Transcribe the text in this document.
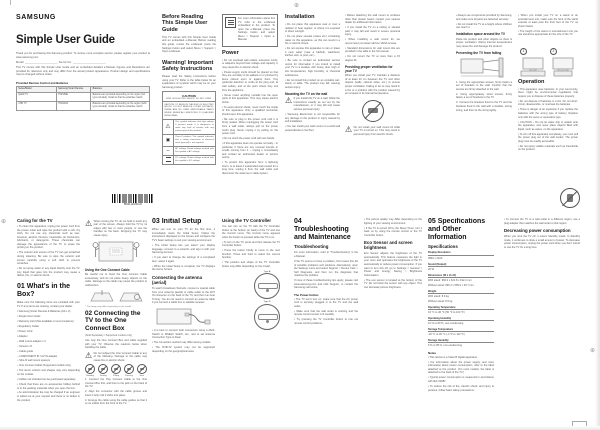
⊕
⊕
⊕
SAMSUNG
Simple User Guide

Thank you for purchasing this Samsung product. To receive more complete service, please register your product at www.samsung.com

Model ____________________ Serial No. ____________________

This TV comes with this Simple User Guide and an embedded detailed e-Manual. Figures and illustrations are provided for reference only and may differ from the actual product appearance. Product design and specifications may be changed without notice.

Provided Remote Control and Batteries
Series/Model	Samsung Smart Remote	Batteries
QLED TV	TM2180E	Batteries are provided depending on the region (AA type included). Install so that the polarities match.
UHD TV	TM1240A	Batteries are provided depending on the region (AAA type included). Install so that the polarities match.
BN68-14623A-00
Before Reading This Simple User Guide

This TV comes with this Simple User Guide and an embedded e-Manual. Before reading this guide, review the e-Manual: press the Settings button and select Menu > Support > Open e-Manual.

Warning! Important Safety Instructions

Please read the Safety Instructions before using your TV. Refer to the table below for an explanation of symbols which may be on your Samsung product.

CAUTION
RISK OF ELECTRIC SHOCK. DO NOT OPEN.
CAUTION: TO REDUCE THE RISK OF ELECTRIC SHOCK, DO NOT REMOVE COVER (OR BACK). THERE ARE NO USER SERVICEABLE PARTS INSIDE. REFER ALL SERVICING TO QUALIFIED PERSONNEL.
⚠
This symbol indicates that high voltage is present inside. It is dangerous to make any kind of contact with any internal part of this product.
▣
Class II product: This symbol indicates that a safety connection to electrical earth (ground) is not required.
∼	AC voltage: Rated voltage marked with this symbol is AC voltage.
DC voltage: Rated voltage marked with this symbol is DC voltage.
For more information about this TV, refer to the e-Manual embedded in the product. To open the e-Manual, press the Settings button and select Menu > Support > Open e-Manual.
Power
• Do not overload wall outlets, extension cords, or adaptors beyond their voltage and capacity. It may cause fire or electric shock.
• Power-supply cords should be placed so that they are not likely to be walked on or pinched by items placed upon or against them. Pay particular attention to cords at the plug end, at wall outlets, and at the point where they exit from the appliance.
• Never insert anything metallic into the open parts of this apparatus. This may cause electric shock.
• To avoid electric shock, never touch the inside of this apparatus. Only a qualified technician should open this apparatus.
• Be sure to plug in the power cord until it is firmly seated. When unplugging the power cord from a wall outlet, always pull on the power cord's plug. Never unplug it by pulling on the power cord.
• Do not touch the power cord with wet hands.
• If this apparatus does not operate normally – in particular, if there are any unusual sounds or smells coming from it – unplug it immediately and contact an authorised dealer or service centre.
• To protect this apparatus from a lightning storm, or to leave it unattended and unused for a long time, unplug it from the wall outlet and disconnect the antenna or cable system.
Installation
• Do not place this apparatus near or over a radiator or heat register, or where it is exposed to direct sunlight.
• Do not place vessels (vases etc.) containing water on this apparatus, as this can result in a fire or electric shock.
• Do not expose this apparatus to rain or place it near water (near a bathtub, washbowl, kitchen sink, or pool, etc.).
• Be sure to contact an authorised service centre for information if you intend to install your TV in a location with heavy dust, high or low temperatures, high humidity, or chemical substances.
• Do not install this product on an unstable cart, stand, or table. The product may fall, causing serious injury.
Mounting the TV on the wall
⚠ If you install this TV on a wall, follow the instructions exactly as set out by the manufacturer, or it may fall and cause serious personal injury.
• Samsung Electronics is not responsible for any damage to the product or injury caused by self-installation.
• You can install your wall mount on a solid wall perpendicular to the floor.
• Before attaching the wall mount to surfaces other than plaster board, contact your nearest dealer for additional information.
• If you install the TV on a ceiling or slanted wall, it may fall and result in severe personal injury.
• When installing a wall mount kit, we recommend you fasten all four VESA screws.
• Standard dimensions for wall mount kits are provided in the table in the full manual.
• Do not mount the TV at more than a 15 degree tilt.
Providing proper ventilation for your TV

When you install your TV, maintain a distance of at least 10 cm between the TV and other objects (walls, cabinet sides, etc.) to ensure proper ventilation. Failing to do so may result in a fire or a problem with the product caused by an increase in its internal temperature.

⚠ Do not install your wall mount kit while your TV is turned on. This may result in personal injury from electric shock.
• Always use components provided by Samsung, and make sure all parts are fastened securely.
• Do not install the TV at a height where children can reach it.
Installation space around the TV

Place the product and other objects so there is proper ventilation. Rising internal temperatures may cause fire and damage the product.

Preventing the TV from falling
1. Using the appropriate screws, firmly fasten a set of brackets to the wall. Confirm that the screws are firmly attached to the wall.
2. Using appropriately sized screws, firmly fasten a set of brackets to the TV.
3. Connect the brackets fixed to the TV and the brackets fixed to the wall with a durable, strong string, and then tie the string tightly.
• When you install your TV on a stand or an entertainment unit, make sure the front of the stand extends at least past the front feet of the TV, as shown below.
• The height of the stand or entertainment unit you use should be appropriate for the size of the TV.
1	2
Operation
• This apparatus uses batteries. In your community, there might be environmental regulations that require you to dispose of these batteries properly.
• Do not dispose of batteries in a fire. Do not short-circuit, disassemble, or overheat the batteries.
• There is danger of an explosion if you replace the batteries with the wrong type of battery. Replace only with the same or equivalent type.
• CAUTION – Do not let water drip or splash onto the apparatus, and never place objects filled with liquid, such as vases, on the apparatus.
• To turn off this apparatus completely, you must pull the power plug out of the wall socket. The power plug must be readily accessible.
• Do not spray volatile materials such as insecticide on the product.
Caring for the TV
• To clean this apparatus, unplug the power cord from the power outlet and wipe the product with a soft, dry cloth. Do not use any chemicals such as wax, benzene, alcohol, thinners, insecticide, air fresheners, lubricants, or detergents. These chemicals can damage the appearance of the TV or erase the printing on the product.
• The exterior and screen of the TV can get scratched during cleaning. Be sure to wipe the exterior and screen carefully using a soft cloth to prevent scratches.
• Do not spray water or any liquid directly onto the TV. Any liquid that goes into the product may cause a failure, fire, or electric shock.
01 What's in the Box?

Make sure the following items are included with your TV. If any items are missing, contact your dealer.

• Samsung Smart Remote & Batteries (AA x 2)
• Simple User Guide
• Warranty Card (Not available in some locations)
• Regulatory Guide
• Power Cord
• Adapter
– Wall mount adapter x 4
– Screws x 8
– Cable guide
– COMPONENT IN / AV IN adapter
– Slim-fit wall mount spacers
– One Connect Cable (Supported models only)
• The items' colours and shapes may vary depending on the models.
• Cables not included can be purchased separately.
• Check that there are no accessories hidden behind or in the packing materials when you open the box.
• An administration fee may be charged if an engineer is called out at your request and there is no defect in the product.
⚠ When moving the TV, do not hold or touch any part of the screen. Always hold the TV by its edges with two or more people, or use the handles on the back. Dropping the TV may cause injury.
Using the One Connect Cable

Be careful not to bend the One Connect Cable excessively, and do not place heavy objects on the cable. Damage to the cable may cause the product to malfunction.

* The image may differ depending on the model.

02 Connecting the TV to the One Connect Box
(Sold Separately / Supported models only)

Use only the One Connect Box and cable supplied with your TV. Observe the cautions below when handling the cable.

⚠ Do not subject the One Connect Cable to any of the following. Damage to the cable may cause fire or electric shock.
Bending	Twisting	Pulling	Pressing	Heat
1. Connect the One Connect Cable to the One Connect Box first, and then to the jack on the back of the TV.
2. Align the connector with the cable groove and insert it fully until it clicks into place.
3. Arrange the cable using the cable guides so that it is not visible from the front of the TV.
03 Initial Setup

When you turn on your TV for the first time, it immediately starts the Initial Setup. Follow the instructions displayed on the screen and configure the TV's basic settings to suit your viewing environment.

• The Initial Setup lets you select your display language, connect to a network, and sign in with your Samsung account.
• If you want to change the settings of a completed item, select it again.
• When the Initial Setup is complete, the TV displays the Home Screen.
Connecting the antenna (aerial)

To watch broadcast channels, connect a coaxial cable from your antenna (aerial) or cable outlet to the ANT IN connector on the back of the TV, and then run Auto Tuning. You do not need to connect an antenna cable if you connect a cable box or satellite receiver.

• It is best to connect both connectors using a Multi-Switch or DiSEqC Switch, etc., and to set Antenna Connection Type to Dual.
• The connection method may differ among models.
• The DVB-T2 system may not be supported depending on the geographical area.
Using the TV Controller
You can turn on the TV with the TV Controller button at the bottom (or back) of the TV and use the Control menu. The Control menu appears when the button is pressed while the TV is on.
• To turn on the TV, press and then release the TV Controller button.
• Press the button briefly to move to the next function. Press and hold to select the current function.
• The position and shape of the TV Controller button may differ depending on the model.
Type A
Type B
04 Troubleshooting and Maintenance
Troubleshooting
For more information, refer to "Troubleshooting" in the e-Manual.
If the TV seems to have a problem, first review this list of possible problems and solutions. Alternatively, open the Settings menu and select Support > Device Care > Self Diagnosis, and then run the diagnosis that matches the problem.
If none of these troubleshooting tips apply, please visit www.samsung.com and click Support, or contact the Samsung call centre.
The Power button
• The TV won't turn on: make sure that the AC power cord is securely plugged in to the TV and the wall outlet.
• Make sure that the wall outlet is working and the remote control sensor is lit steadily.
• Try pressing the TV Controller button to rule out remote control problems.
• The picture quality may differ depending on the lighting of your viewing environment.
• If the TV is turned off by the Sleep Timer, turn it back on by using the remote control or the TV Controller button.
Eco Sensor and screen brightness
Eco Sensor adjusts the brightness of the TV automatically. This feature measures the light in your room and optimises the brightness of the TV automatically to reduce power consumption. If you want to turn this off, go to Settings > General > Power and Energy Saving > Brightness Optimisation.
• The eco sensor is located at the bottom of the TV. Do not block the sensor with any object. This can decrease picture brightness.
05 Specifications and Other Information
Specifications
Display Resolution
3840 x 2160
Sound (Output)
20 W
Dimensions (W x H x D)
With stand: 966.2 x 621.8 x 192.2 mm
Without stand: 966.2 x 559.0 x 25.7 mm
Weight
With stand: 8.9 kg
Without stand: 8.6 kg
Operating Temperature
10 °C to 40 °C (50 °F to 104 °F)
Operating Humidity
10 % to 80 %, non-condensing
Storage Temperature
-20 °C to 45 °C (-4 °F to 113 °F)
Storage Humidity
5 % to 95 %, non-condensing
Notes
• This device is a Class B digital apparatus.
• For information about the power supply, and more information about power consumption, refer to the label attached to the product. (On most models, the label is attached to the back of the TV.)
• Typical power consumption is measured in accordance with IEC 62087.
• To reduce the risk of fire, electric shock, and injury to persons, follow basic safety precautions.
• To connect the TV to a wall outlet in a different region, use a plug adapter that matches the wall outlet in that region.
Decreasing power consumption

When you shut the TV off, it enters Standby mode. In Standby mode, it continues to draw a small amount of power. To decrease power consumption, unplug the power cord when you don't intend to use the TV for a long time.
